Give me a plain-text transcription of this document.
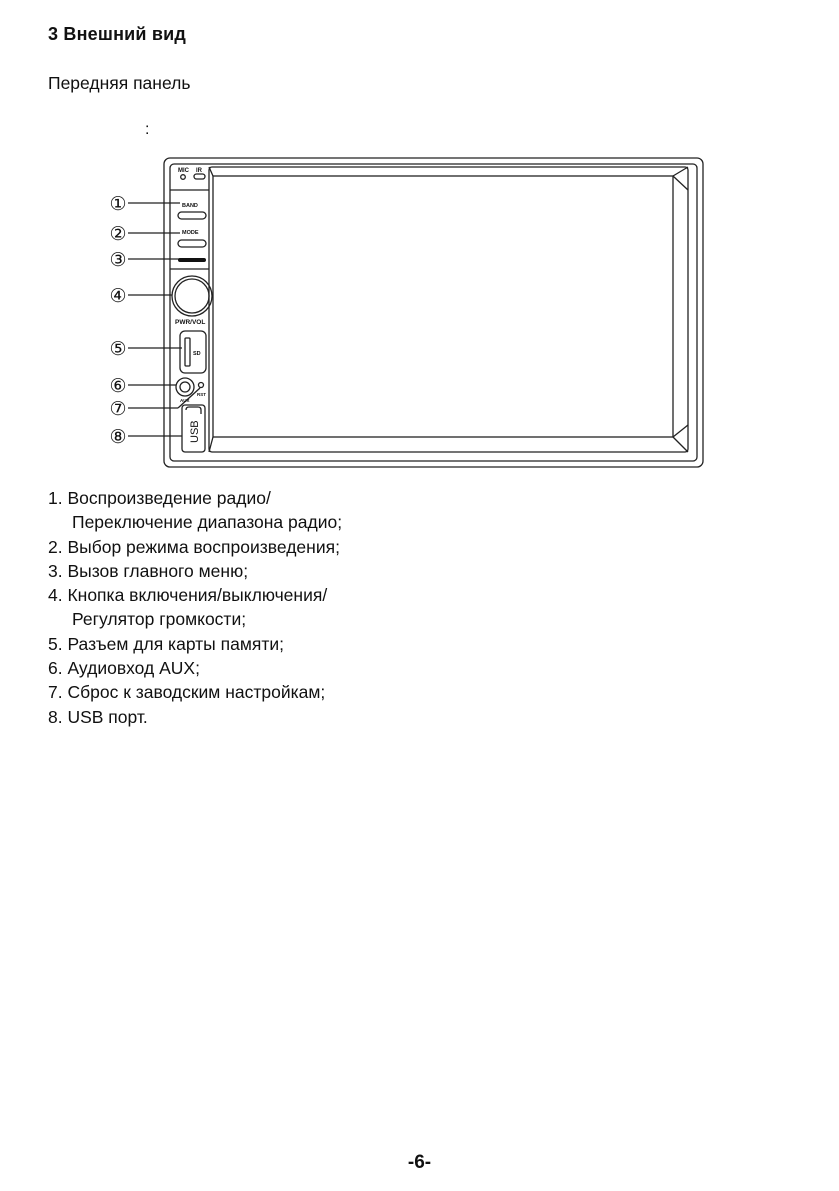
3 Внешний вид
Передняя панель
:
MIC IR
BAND
MODE
MENU
PWR/VOL
SD
RST
AUX
USB
①
②
③
④
⑤
⑥
⑦
⑧
1. Воспроизведение радио/
Переключение диапазона радио;
2. Выбор режима воспроизведения;
3. Вызов главного меню;
4. Кнопка включения/выключения/
Регулятор громкости;
5. Разъем для карты памяти;
6. Аудиовход AUX;
7. Сброс к заводским настройкам;
8. USB порт.
-6-
